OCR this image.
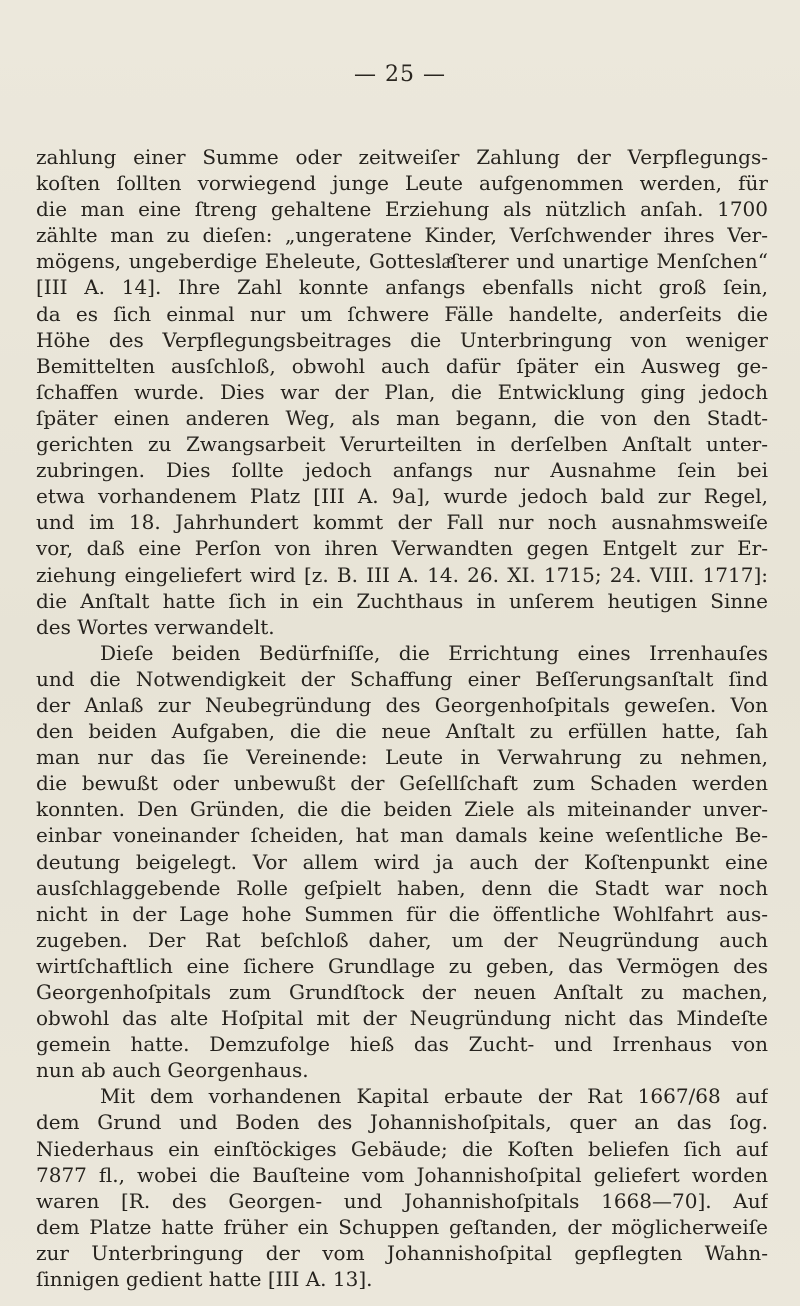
— 25 —
zahlung einer Summe oder zeitweiſer Zahlung der Verpflegungs-
koſten ſollten vorwiegend junge Leute aufgenommen werden, für
die man eine ſtreng gehaltene Erziehung als nützlich anſah. 1700
zählte man zu dieſen: „ungeratene Kinder, Verſchwender ihres Ver-
mögens, ungeberdige Eheleute, Gotteslaͤſterer und unartige Menſchen“
[III A. 14]. Ihre Zahl konnte anfangs ebenfalls nicht groß ſein,
da es ſich einmal nur um ſchwere Fälle handelte, anderſeits die
Höhe des Verpflegungsbeitrages die Unterbringung von weniger
Bemittelten ausſchloß, obwohl auch dafür ſpäter ein Ausweg ge-
ſchaffen wurde. Dies war der Plan, die Entwicklung ging jedoch
ſpäter einen anderen Weg, als man begann, die von den Stadt-
gerichten zu Zwangsarbeit Verurteilten in derſelben Anſtalt unter-
zubringen. Dies ſollte jedoch anfangs nur Ausnahme ſein bei
etwa vorhandenem Platz [III A. 9a], wurde jedoch bald zur Regel,
und im 18. Jahrhundert kommt der Fall nur noch ausnahmsweiſe
vor, daß eine Perſon von ihren Verwandten gegen Entgelt zur Er-
ziehung eingeliefert wird [z. B. III A. 14. 26. XI. 1715; 24. VIII. 1717]:
die Anſtalt hatte ſich in ein Zuchthaus in unſerem heutigen Sinne
des Wortes verwandelt.
Dieſe beiden Bedürfniſſe, die Errichtung eines Irrenhauſes
und die Notwendigkeit der Schaffung einer Beſſerungsanſtalt ſind
der Anlaß zur Neubegründung des Georgenhoſpitals geweſen. Von
den beiden Aufgaben, die die neue Anſtalt zu erfüllen hatte, ſah
man nur das ſie Vereinende: Leute in Verwahrung zu nehmen,
die bewußt oder unbewußt der Geſellſchaft zum Schaden werden
konnten. Den Gründen, die die beiden Ziele als miteinander unver-
einbar voneinander ſcheiden, hat man damals keine weſentliche Be-
deutung beigelegt. Vor allem wird ja auch der Koſtenpunkt eine
ausſchlaggebende Rolle geſpielt haben, denn die Stadt war noch
nicht in der Lage hohe Summen für die öffentliche Wohlfahrt aus-
zugeben. Der Rat beſchloß daher, um der Neugründung auch
wirtſchaftlich eine ſichere Grundlage zu geben, das Vermögen des
Georgenhoſpitals zum Grundſtock der neuen Anſtalt zu machen,
obwohl das alte Hoſpital mit der Neugründung nicht das Mindeſte
gemein hatte. Demzufolge hieß das Zucht- und Irrenhaus von
nun ab auch Georgenhaus.
Mit dem vorhandenen Kapital erbaute der Rat 1667/68 auf
dem Grund und Boden des Johannishoſpitals, quer an das ſog.
Niederhaus ein einſtöckiges Gebäude; die Koſten beliefen ſich auf
7877 fl., wobei die Bauſteine vom Johannishoſpital geliefert worden
waren [R. des Georgen- und Johannishoſpitals 1668—70]. Auf
dem Platze hatte früher ein Schuppen geſtanden, der möglicherweiſe
zur Unterbringung der vom Johannishoſpital gepflegten Wahn-
ſinnigen gedient hatte [III A. 13].
